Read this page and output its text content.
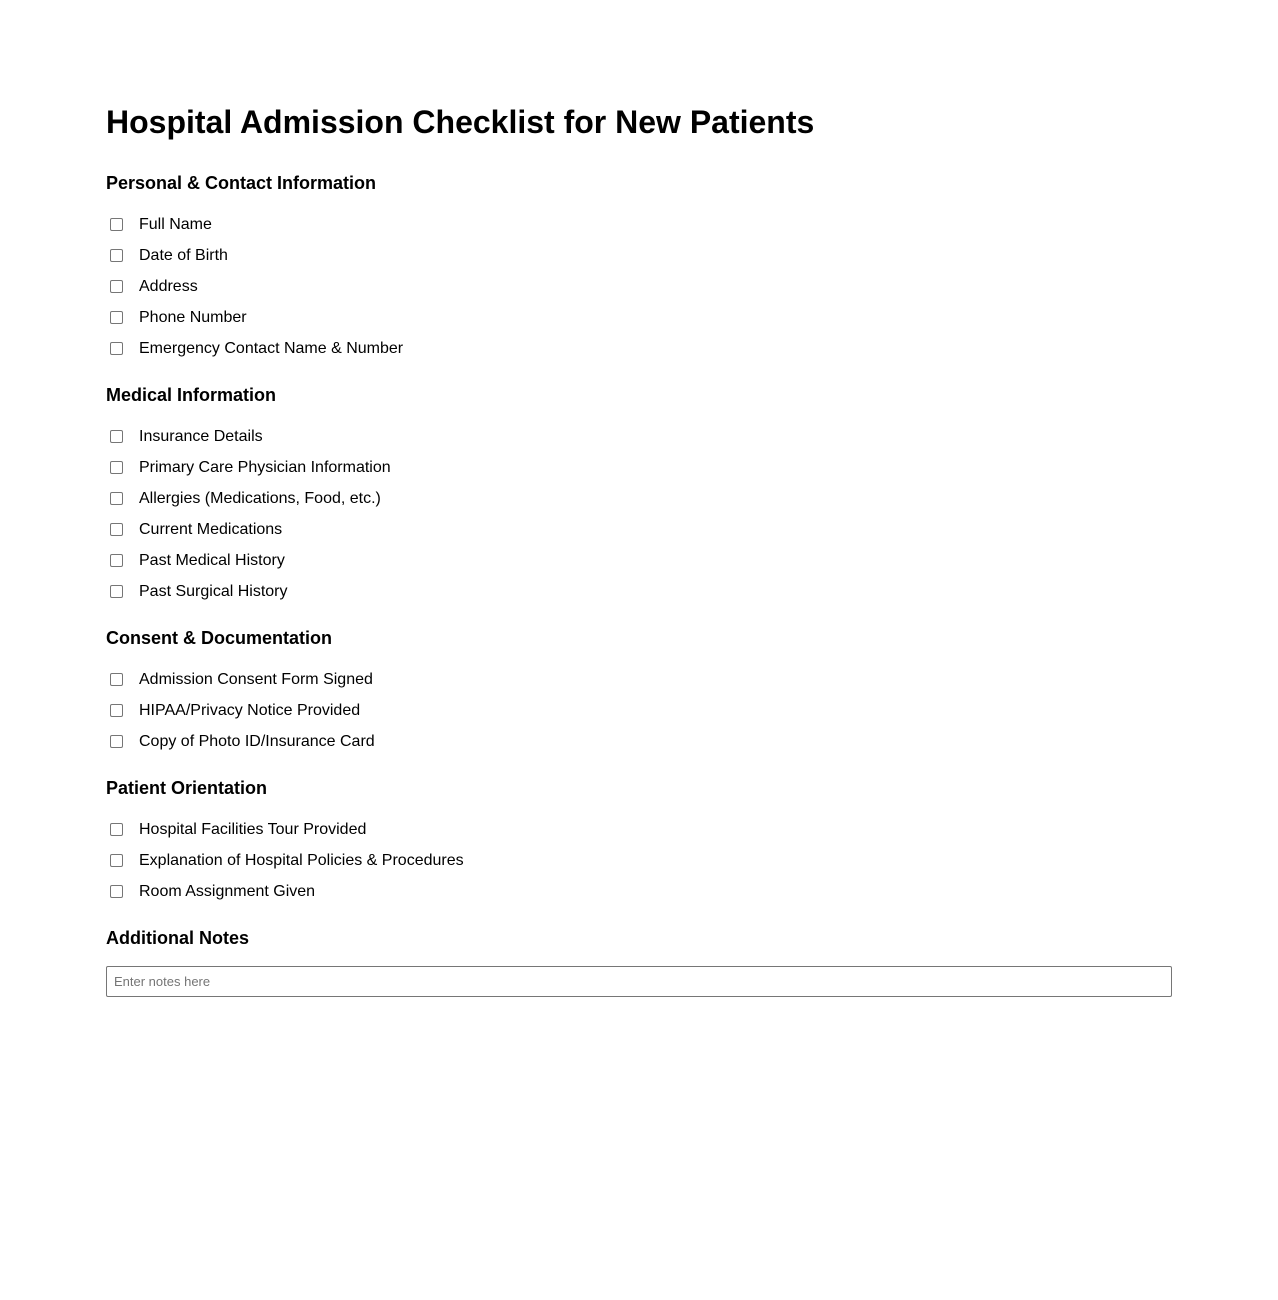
Hospital Admission Checklist for New Patients
Personal & Contact Information
Full Name
Date of Birth
Address
Phone Number
Emergency Contact Name & Number
Medical Information
Insurance Details
Primary Care Physician Information
Allergies (Medications, Food, etc.)
Current Medications
Past Medical History
Past Surgical History
Consent & Documentation
Admission Consent Form Signed
HIPAA/Privacy Notice Provided
Copy of Photo ID/Insurance Card
Patient Orientation
Hospital Facilities Tour Provided
Explanation of Hospital Policies & Procedures
Room Assignment Given
Additional Notes
Enter notes here
